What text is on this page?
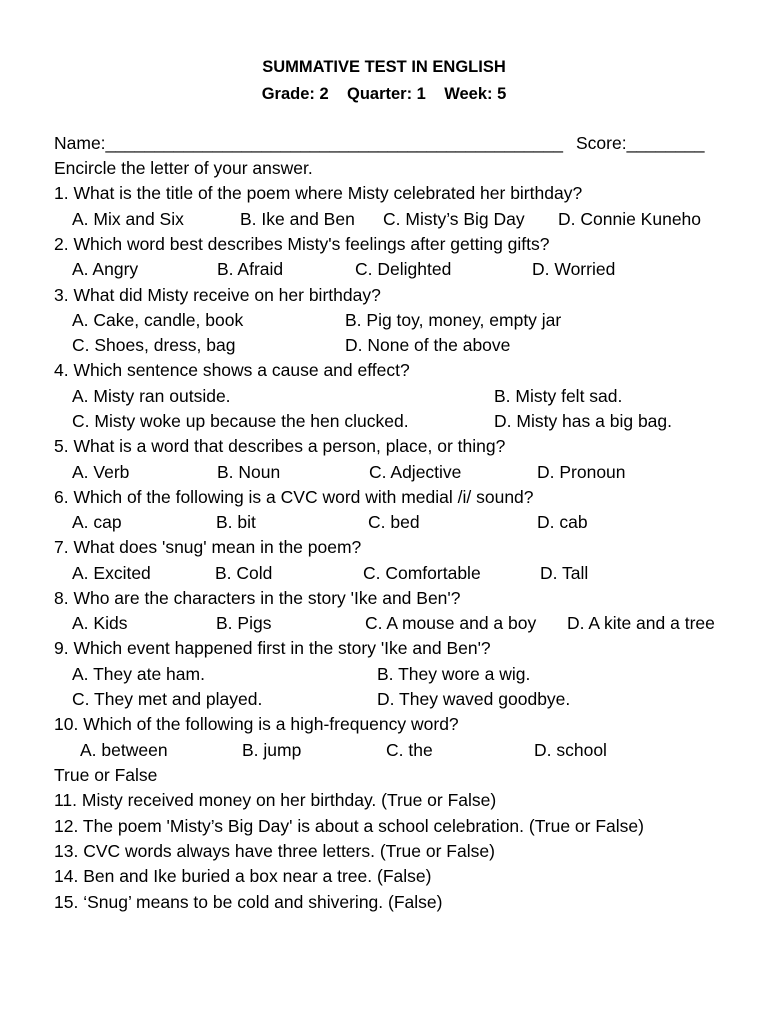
SUMMATIVE TEST IN ENGLISH
Grade: 2    Quarter: 1    Week: 5
Name:_______________________________________________ Score:________
Encircle the letter of your answer.
1. What is the title of the poem where Misty celebrated her birthday?
A. Mix and Six	B. Ike and Ben C. Misty’s Big Day D. Connie Kuneho
2. Which word best describes Misty's feelings after getting gifts?
A. Angry	B. Afraid	C. Delighted	D. Worried
3. What did Misty receive on her birthday?
A. Cake, candle, book	B. Pig toy, money, empty jar
C. Shoes, dress, bag	D. None of the above
4. Which sentence shows a cause and effect?
A. Misty ran outside.	B. Misty felt sad.
C. Misty woke up because the hen clucked.	D. Misty has a big bag.
5. What is a word that describes a person, place, or thing?
A. Verb	B. Noun	C. Adjective	D. Pronoun
6. Which of the following is a CVC word with medial /i/ sound?
A. cap	B. bit	C. bed	D. cab
7. What does 'snug' mean in the poem?
A. Excited	B. Cold	C. Comfortable	D. Tall
8. Who are the characters in the story 'Ike and Ben'?
A. Kids	B. Pigs	C. A mouse and a boy D. A kite and a tree
9. Which event happened first in the story 'Ike and Ben'?
A. They ate ham.	B. They wore a wig.
C. They met and played.	D. They waved goodbye.
10. Which of the following is a high-frequency word?
A. between	B. jump	C. the	D. school
True or False
11. Misty received money on her birthday. (True or False)
12. The poem 'Misty’s Big Day' is about a school celebration. (True or False)
13. CVC words always have three letters. (True or False)
14. Ben and Ike buried a box near a tree. (False)
15. ‘Snug’ means to be cold and shivering. (False)
